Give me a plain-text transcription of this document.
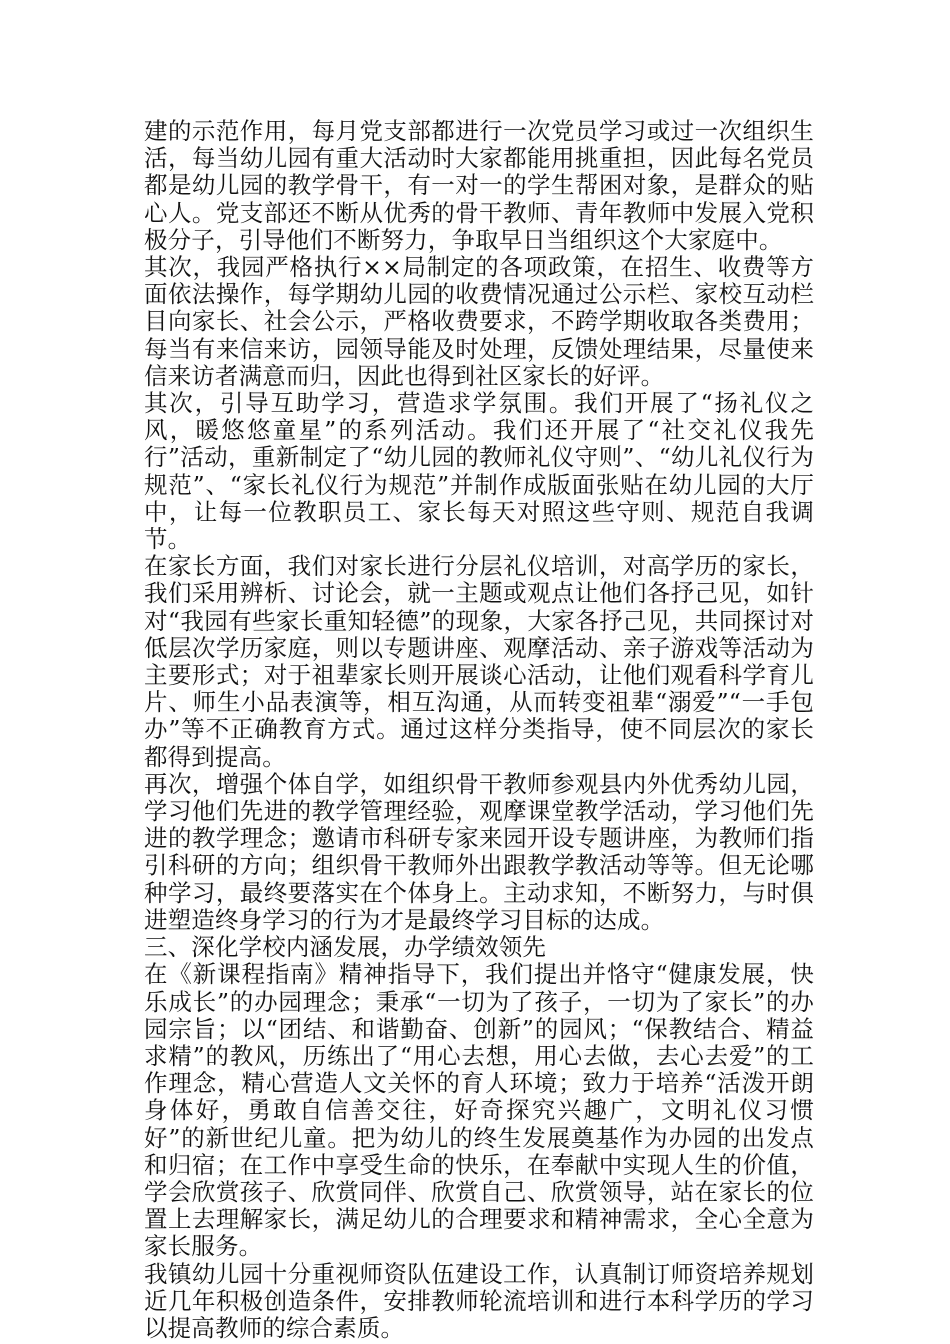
建的示范作用，每月党支部都进行一次党员学习或过一次组织生活，每当幼儿园有重大活动时大家都能用挑重担，因此每名党员都是幼儿园的教学骨干，有一对一的学生帮困对象，是群众的贴心人。党支部还不断从优秀的骨干教师、青年教师中发展入党积极分子，引导他们不断努力，争取早日当组织这个大家庭中。

其次，我园严格执行××局制定的各项政策，在招生、收费等方面依法操作，每学期幼儿园的收费情况通过公示栏、家校互动栏目向家长、社会公示，严格收费要求，不跨学期收取各类费用；每当有来信来访，园领导能及时处理，反馈处理结果，尽量使来信来访者满意而归，因此也得到社区家长的好评。

其次，引导互助学习，营造求学氛围。我们开展了“扬礼仪之风，暖悠悠童星”的系列活动。我们还开展了“社交礼仪我先行”活动，重新制定了“幼儿园的教师礼仪守则”、“幼儿礼仪行为规范”、“家长礼仪行为规范”并制作成版面张贴在幼儿园的大厅中，让每一位教职员工、家长每天对照这些守则、规范自我调节。

在家长方面，我们对家长进行分层礼仪培训，对高学历的家长，我们采用辨析、讨论会，就一主题或观点让他们各抒己见，如针对“我园有些家长重知轻德”的现象，大家各抒己见，共同探讨对低层次学历家庭，则以专题讲座、观摩活动、亲子游戏等活动为主要形式；对于祖辈家长则开展谈心活动，让他们观看科学育儿片、师生小品表演等，相互沟通，从而转变祖辈“溺爱”“一手包办”等不正确教育方式。通过这样分类指导，使不同层次的家长都得到提高。

再次，增强个体自学，如组织骨干教师参观县内外优秀幼儿园，学习他们先进的教学管理经验，观摩课堂教学活动，学习他们先进的教学理念；邀请市科研专家来园开设专题讲座，为教师们指引科研的方向；组织骨干教师外出跟教学教活动等等。但无论哪种学习，最终要落实在个体身上。主动求知，不断努力，与时俱进塑造终身学习的行为才是最终学习目标的达成。

三、深化学校内涵发展，办学绩效领先

在《新课程指南》精神指导下，我们提出并恪守“健康发展，快乐成长”的办园理念；秉承“一切为了孩子，一切为了家长”的办园宗旨；以“团结、和谐勤奋、创新”的园风；“保教结合、精益求精”的教风，历练出了“用心去想，用心去做，去心去爱”的工作理念，精心营造人文关怀的育人环境；致力于培养“活泼开朗身体好，勇敢自信善交往，好奇探究兴趣广，文明礼仪习惯好”的新世纪儿童。把为幼儿的终生发展奠基作为办园的出发点和归宿；在工作中享受生命的快乐，在奉献中实现人生的价值，学会欣赏孩子、欣赏同伴、欣赏自己、欣赏领导，站在家长的位置上去理解家长，满足幼儿的合理要求和精神需求，全心全意为家长服务。

我镇幼儿园十分重视师资队伍建设工作，认真制订师资培养规划近几年积极创造条件，安排教师轮流培训和进行本科学历的学习以提高教师的综合素质。
